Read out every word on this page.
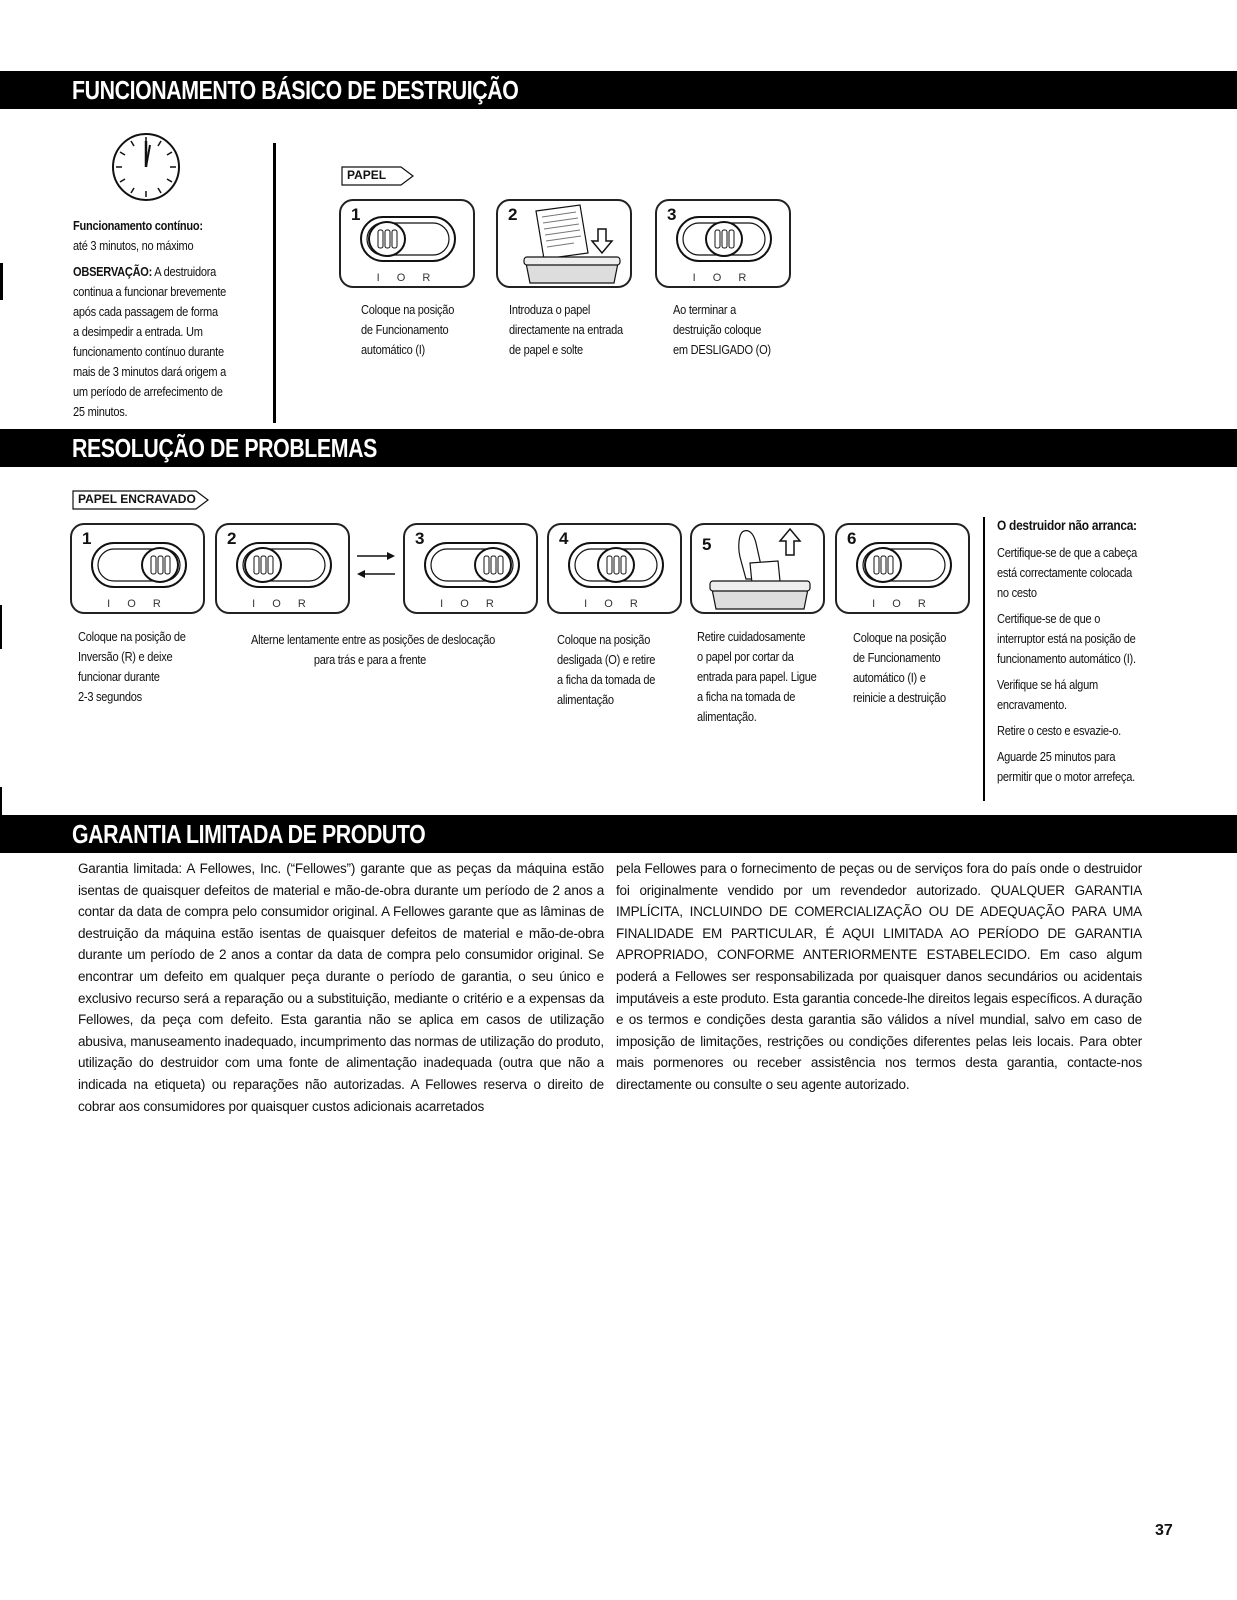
FUNCIONAMENTO BÁSICO DE DESTRUIÇÃO
RESOLUÇÃO DE PROBLEMAS
GARANTIA LIMITADA DE PRODUTO
Funcionamento contínuo:
até 3 minutos, no máximo
OBSERVAÇÃO: A destruidora
continua a funcionar brevemente
após cada passagem de forma
a desimpedir a entrada. Um
funcionamento contínuo durante
mais de 3 minutos dará origem a
um período de arrefecimento de
25 minutos.
PAPEL
1
I O R
2	3
I O R
Coloque na posição
de Funcionamento
automático (I)
Introduza o papel
directamente na entrada
de papel e solte
Ao terminar a
destruição coloque
em DESLIGADO (O)
PAPEL ENCRAVADO
1
I O R
2
I O R
3
I O R
4
I O R
5	6
I O R
Coloque na posição de
Inversão (R) e deixe
funcionar durante
2-3 segundos
Alterne lentamente entre as posições de deslocação
para trás e para a frente
Coloque na posição
desligada (O) e retire
a ficha da tomada de
alimentação
Retire cuidadosamente
o papel por cortar da
entrada para papel. Ligue
a ficha na tomada de
alimentação.
Coloque na posição
de Funcionamento
automático (I) e
reinicie a destruição
O destruidor não arranca:
Certifique-se de que a cabeça
está correctamente colocada
no cesto
Certifique-se de que o
interruptor está na posição de
funcionamento automático (I).
Verifique se há algum
encravamento.
Retire o cesto e esvazie-o.
Aguarde 25 minutos para
permitir que o motor arrefeça.

Garantia limitada: A Fellowes, Inc. (“Fellowes”) garante que as peças da máquina estão isentas de quaisquer defeitos de material e mão-de-obra durante um período de 2 anos a contar da data de compra pelo consumidor original. A Fellowes garante que as lâminas de destruição da máquina estão isentas de quaisquer defeitos de material e mão-de-obra durante um período de 2 anos a contar da data de compra pelo consumidor original. Se encontrar um defeito em qualquer peça durante o período de garantia, o seu único e exclusivo recurso será a reparação ou a substituição, mediante o critério e a expensas da Fellowes, da peça com defeito. Esta garantia não se aplica em casos de utilização abusiva, manuseamento inadequado, incumprimento das normas de utilização do produto, utilização do destruidor com uma fonte de alimentação inadequada (outra que não a indicada na etiqueta) ou reparações não autorizadas. A Fellowes reserva o direito de cobrar aos consumidores por quaisquer custos adicionais acarretados

pela Fellowes para o fornecimento de peças ou de serviços fora do país onde o destruidor foi originalmente vendido por um revendedor autorizado. QUALQUER GARANTIA IMPLÍCITA, INCLUINDO DE COMERCIALIZAÇÃO OU DE ADEQUAÇÃO PARA UMA FINALIDADE EM PARTICULAR, É AQUI LIMITADA AO PERÍODO DE GARANTIA APROPRIADO, CONFORME ANTERIORMENTE ESTABELECIDO. Em caso algum poderá a Fellowes ser responsabilizada por quaisquer danos secundários ou acidentais imputáveis a este produto. Esta garantia concede-lhe direitos legais específicos. A duração e os termos e condições desta garantia são válidos a nível mundial, salvo em caso de imposição de limitações, restrições ou condições diferentes pelas leis locais. Para obter mais pormenores ou receber assistência nos termos desta garantia, contacte-nos directamente ou consulte o seu agente autorizado.

37
